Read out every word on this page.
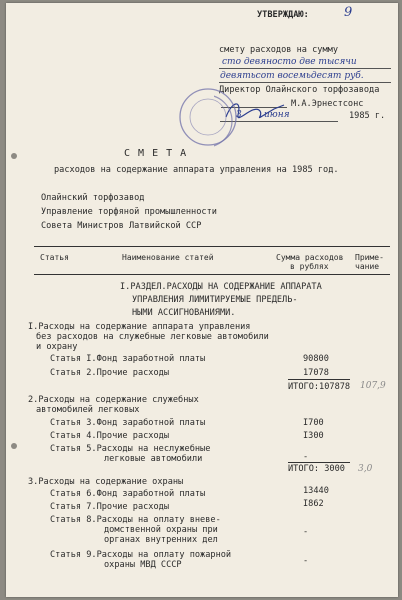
9
УТВЕРЖДАЮ:
смету расходов на сумму
сто девяносто две тысячи
девятьсот восемьдесят руб.
Директор Олайнского торфозавода
М.А.Эрнестсонс
3 июня	1985 г.
С М Е Т А
расходов на содержание аппарата управления на 1985 год.
Олайнский торфозавод
Управление торфяной промышленности
Совета Министров Латвийской ССР
Статья	Наименование статей	Сумма расходов
в рублях
Приме-
чание
I.РАЗДЕЛ.РАСХОДЫ НА СОДЕРЖАНИЕ АППАРАТА
УПРАВЛЕНИЯ ЛИМИТИРУЕМЫЕ ПРЕДЕЛЬ-
НЫМИ АССИГНОВАНИЯМИ.
I.Расходы на содержание аппарата управления
без расходов на служебные легковые автомобили
и охрану
Статья I.Фонд заработной платы	90800
Статья 2.Прочие расходы	17078
ИТОГО:107878 107,9
2.Расходы на содержание служебных
автомобилей легковых
Статья 3.Фонд заработной платы	I700
Статья 4.Прочие расходы	I300
Статья 5.Расходы на неслужебные
легковые автомобили	-
ИТОГО: 3000 3,0
3.Расходы на содержание охраны
Статья 6.Фонд заработной платы	13440
Статья 7.Прочие расходы	I862
Статья 8.Расходы на оплату вневе-
домственной охраны при
органах внутренних дел
-
Статья 9.Расходы на оплату пожарной
охраны МВД СССР	-
